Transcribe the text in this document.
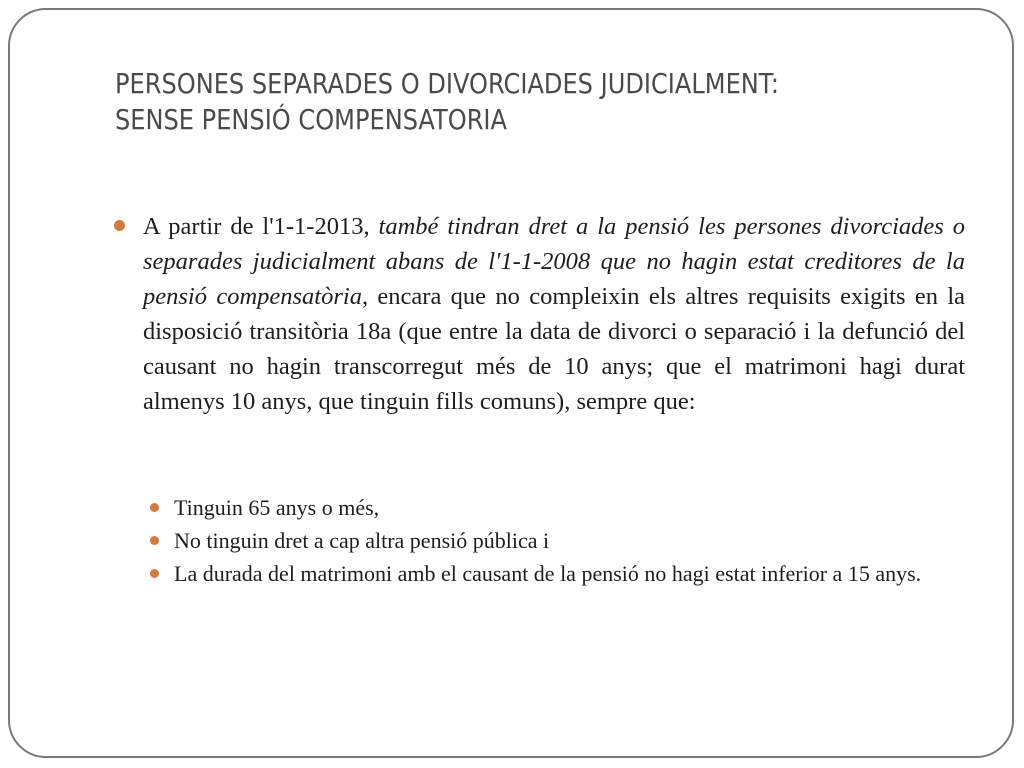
PERSONES SEPARADES O DIVORCIADES JUDICIALMENT:
SENSE PENSIÓ COMPENSATORIA

A partir de l'1-1-2013, també tindran dret a la pensió les persones divorciades o separades judicialment abans de l'1-1-2008 que no hagin estat creditores de la pensió compensatòria, encara que no compleixin els altres requisits exigits en la disposició transitòria 18a (que entre la data de divorci o separació i la defunció del causant no hagin transcorregut més de 10 anys; que el matrimoni hagi durat almenys 10 anys, que tinguin fills comuns), sempre que:

Tinguin 65 anys o més,
No tinguin dret a cap altra pensió pública i
La durada del matrimoni amb el causant de la pensió no hagi estat inferior a 15 anys.
